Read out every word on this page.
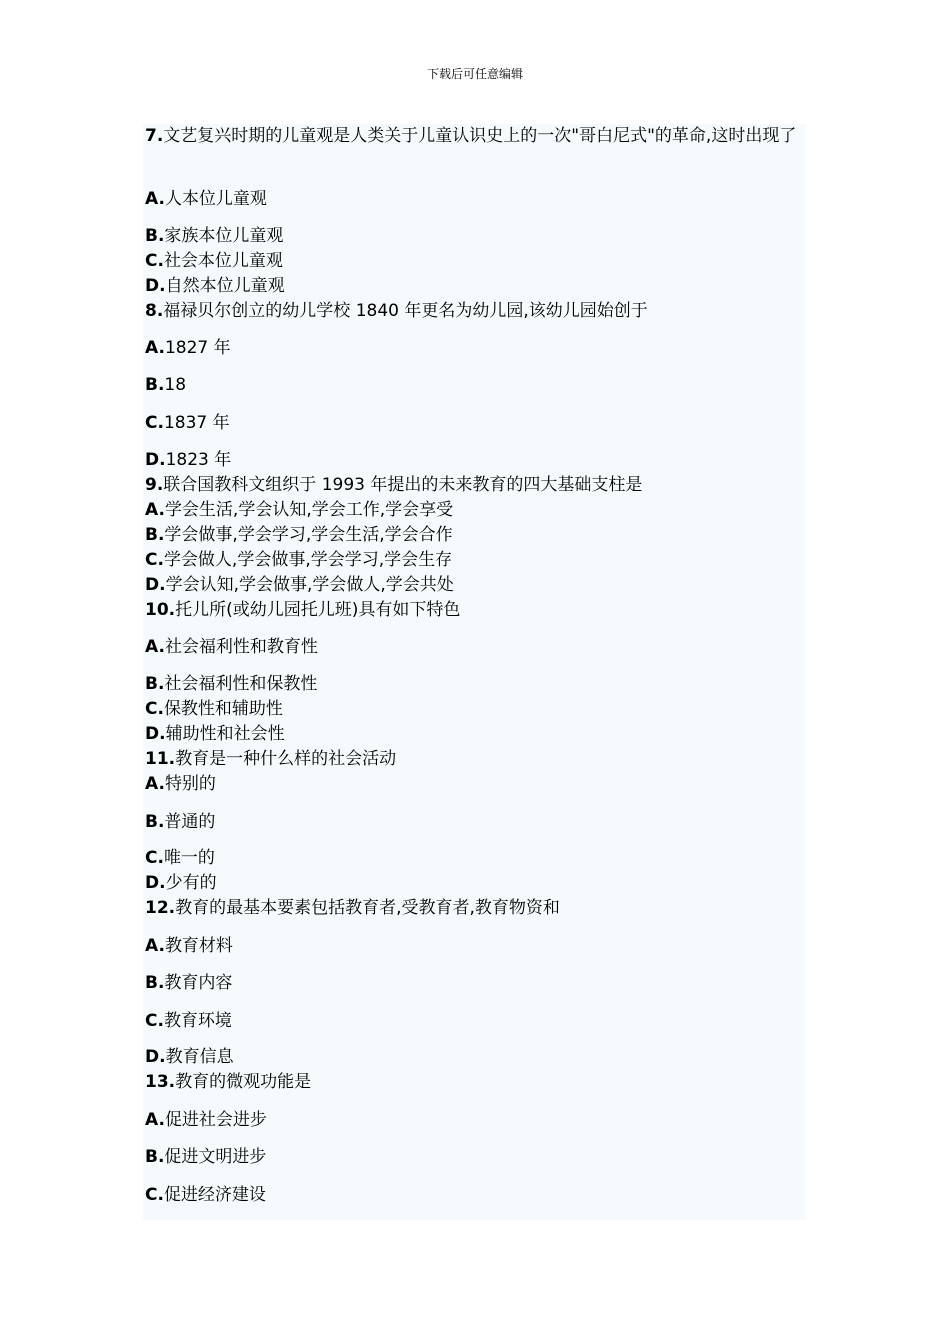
下载后可任意编辑
7.文艺复兴时期的儿童观是人类关于儿童认识史上的一次"哥白尼式"的革命,这时出现了
A.人本位儿童观
B.家族本位儿童观
C.社会本位儿童观
D.自然本位儿童观
8.福禄贝尔创立的幼儿学校 1840 年更名为幼儿园,该幼儿园始创于
A.1827 年
B.18
C.1837 年
D.1823 年
9.联合国教科文组织于 1993 年提出的未来教育的四大基础支柱是
A.学会生活,学会认知,学会工作,学会享受
B.学会做事,学会学习,学会生活,学会合作
C.学会做人,学会做事,学会学习,学会生存
D.学会认知,学会做事,学会做人,学会共处
10.托儿所(或幼儿园托儿班)具有如下特色
A.社会福利性和教育性
B.社会福利性和保教性
C.保教性和辅助性
D.辅助性和社会性
11.教育是一种什么样的社会活动
A.特别的
B.普通的
C.唯一的
D.少有的
12.教育的最基本要素包括教育者,受教育者,教育物资和
A.教育材料
B.教育内容
C.教育环境
D.教育信息
13.教育的微观功能是
A.促进社会进步
B.促进文明进步
C.促进经济建设
